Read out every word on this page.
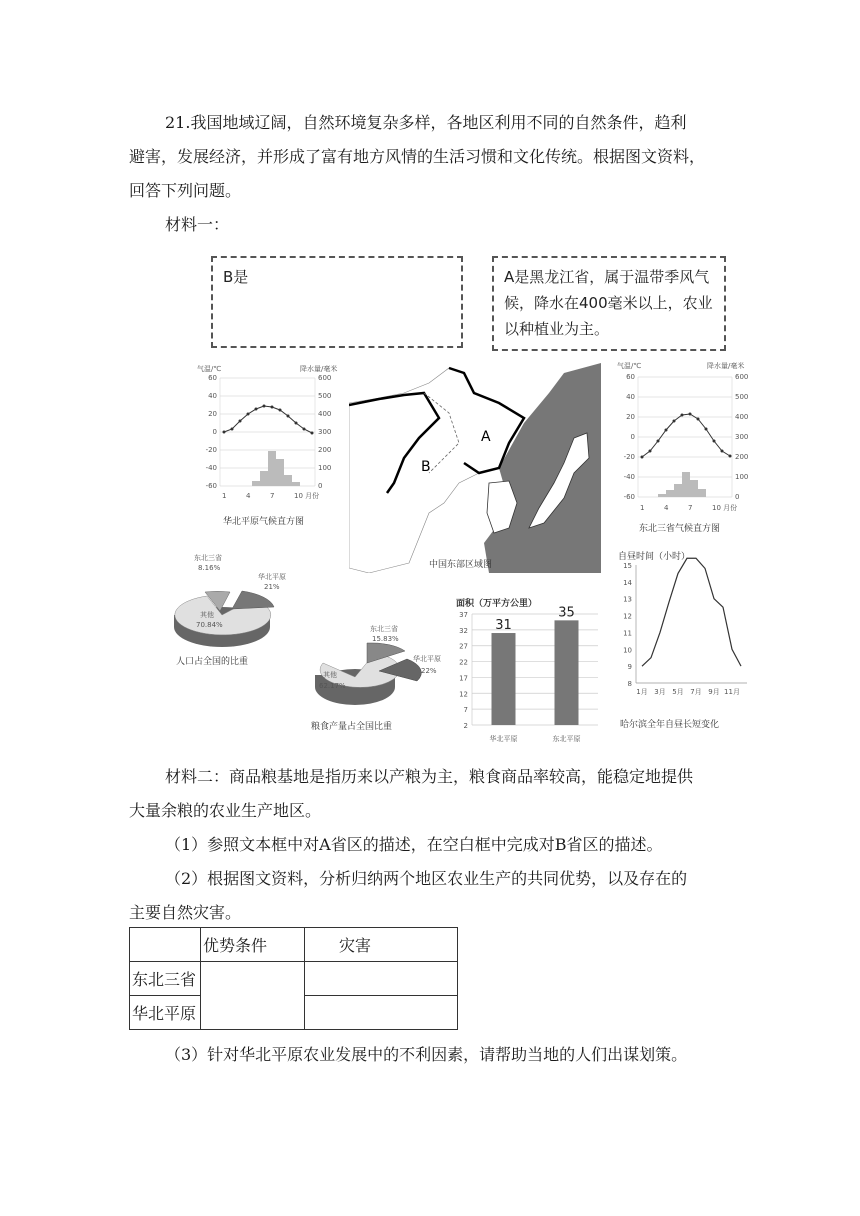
21.我国地域辽阔，自然环境复杂多样，各地区利用不同的自然条件，趋利
避害，发展经济，并形成了富有地方风情的生活习惯和文化传统。根据图文资料，
回答下列问题。
材料一：
B是	A是黑龙江省，属于温带季风气候，降水在400毫米以上，农业以种植业为主。
气温/℃	降水量/毫米
60
40
20
0
-20
-40
-60
600
500
400
300
200
100
0
1	4	7	10 月份
华北平原气候直方图
A
B
中国东部区域图
气温/℃	降水量/毫米
60
40
20
0
-20
-40
-60
600
500
400
300
200
100
0
1	4	7	10 月份
东北三省气候直方图
东北三省
8.16%
华北平原
21%
其他
70.84%
人口占全国的比重
东北三省
15.83%
华北平原
22%
其他
62.17%
粮食产量占全国比重
面积（万平方公里）
37
32
27
22
17
12
7
2
31
华北平原
35
东北平原
自昼时间（小时）
15
14
13
12
11
10
9
8
1月 3月 5月 7月 9月 11月
哈尔滨全年自昼长短变化
材料二：商品粮基地是指历来以产粮为主，粮食商品率较高，能稳定地提供
大量余粮的农业生产地区。
（1）参照文本框中对A省区的描述，在空白框中完成对B省区的描述。
（2）根据图文资料，分析归纳两个地区农业生产的共同优势，以及存在的
主要自然灾害。
	优势条件	灾害
东北三省		
华北平原		
（3）针对华北平原农业发展中的不利因素，请帮助当地的人们出谋划策。
